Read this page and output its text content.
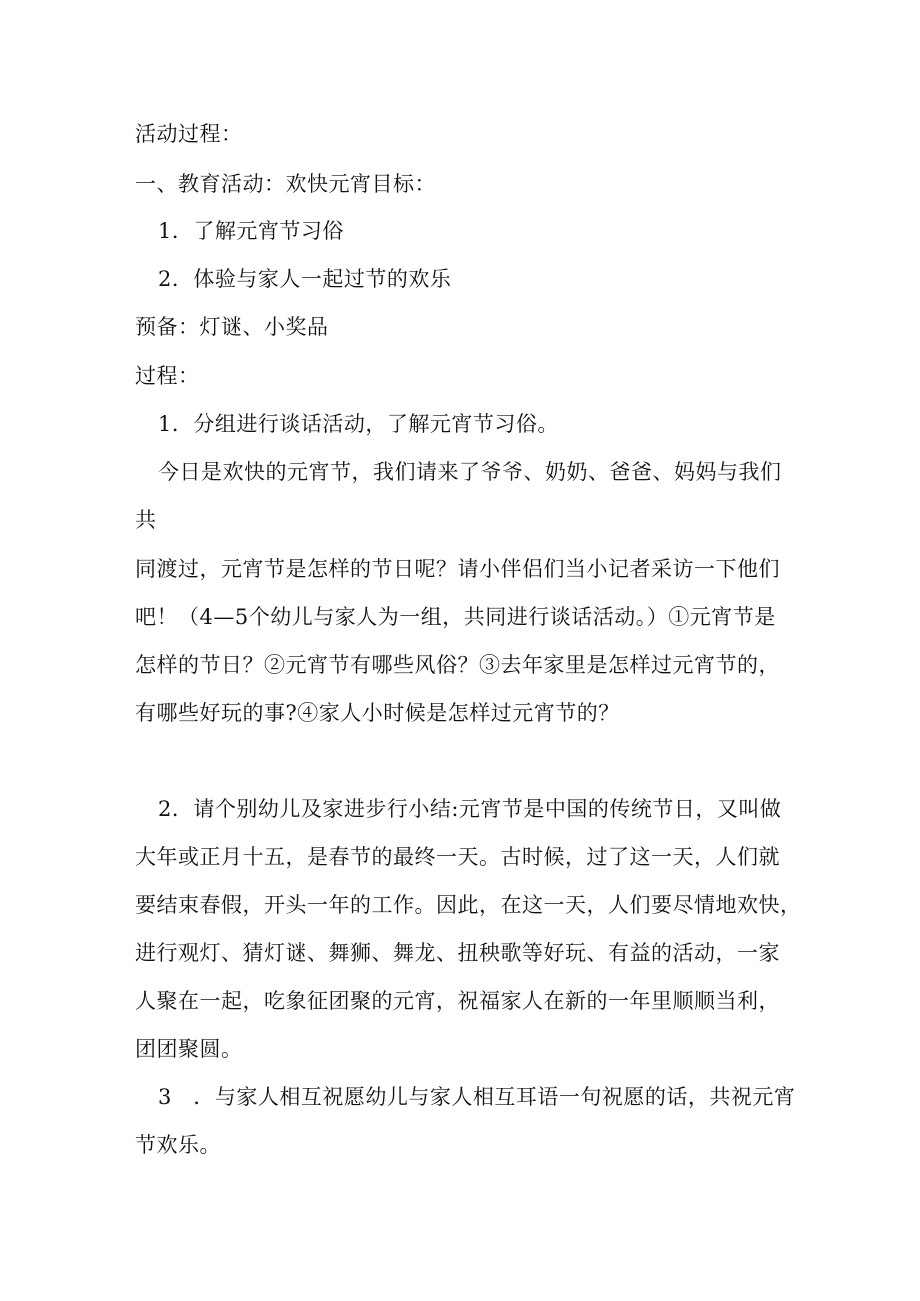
活动过程：
一、教育活动：欢快元宵目标：
1．了解元宵节习俗
2．体验与家人一起过节的欢乐
预备：灯谜、小奖品
过程：
1．分组进行谈话活动，了解元宵节习俗。
今日是欢快的元宵节，我们请来了爷爷、奶奶、爸爸、妈妈与我们
共
同渡过，元宵节是怎样的节日呢？请小伴侣们当小记者采访一下他们
吧！（4—5个幼儿与家人为一组，共同进行谈话活动。）①元宵节是
怎样的节日？②元宵节有哪些风俗？③去年家里是怎样过元宵节的，
有哪些好玩的事?④家人小时候是怎样过元宵节的？
2．请个别幼儿及家进步行小结:元宵节是中国的传统节日，又叫做
大年或正月十五，是春节的最终一天。古时候，过了这一天，人们就
要结束春假，开头一年的工作。因此，在这一天，人们要尽情地欢快，
进行观灯、猜灯谜、舞狮、舞龙、扭秧歌等好玩、有益的活动，一家
人聚在一起，吃象征团聚的元宵，祝福家人在新的一年里顺顺当利，
团团聚圆。
3　．与家人相互祝愿幼儿与家人相互耳语一句祝愿的话，共祝元宵
节欢乐。
